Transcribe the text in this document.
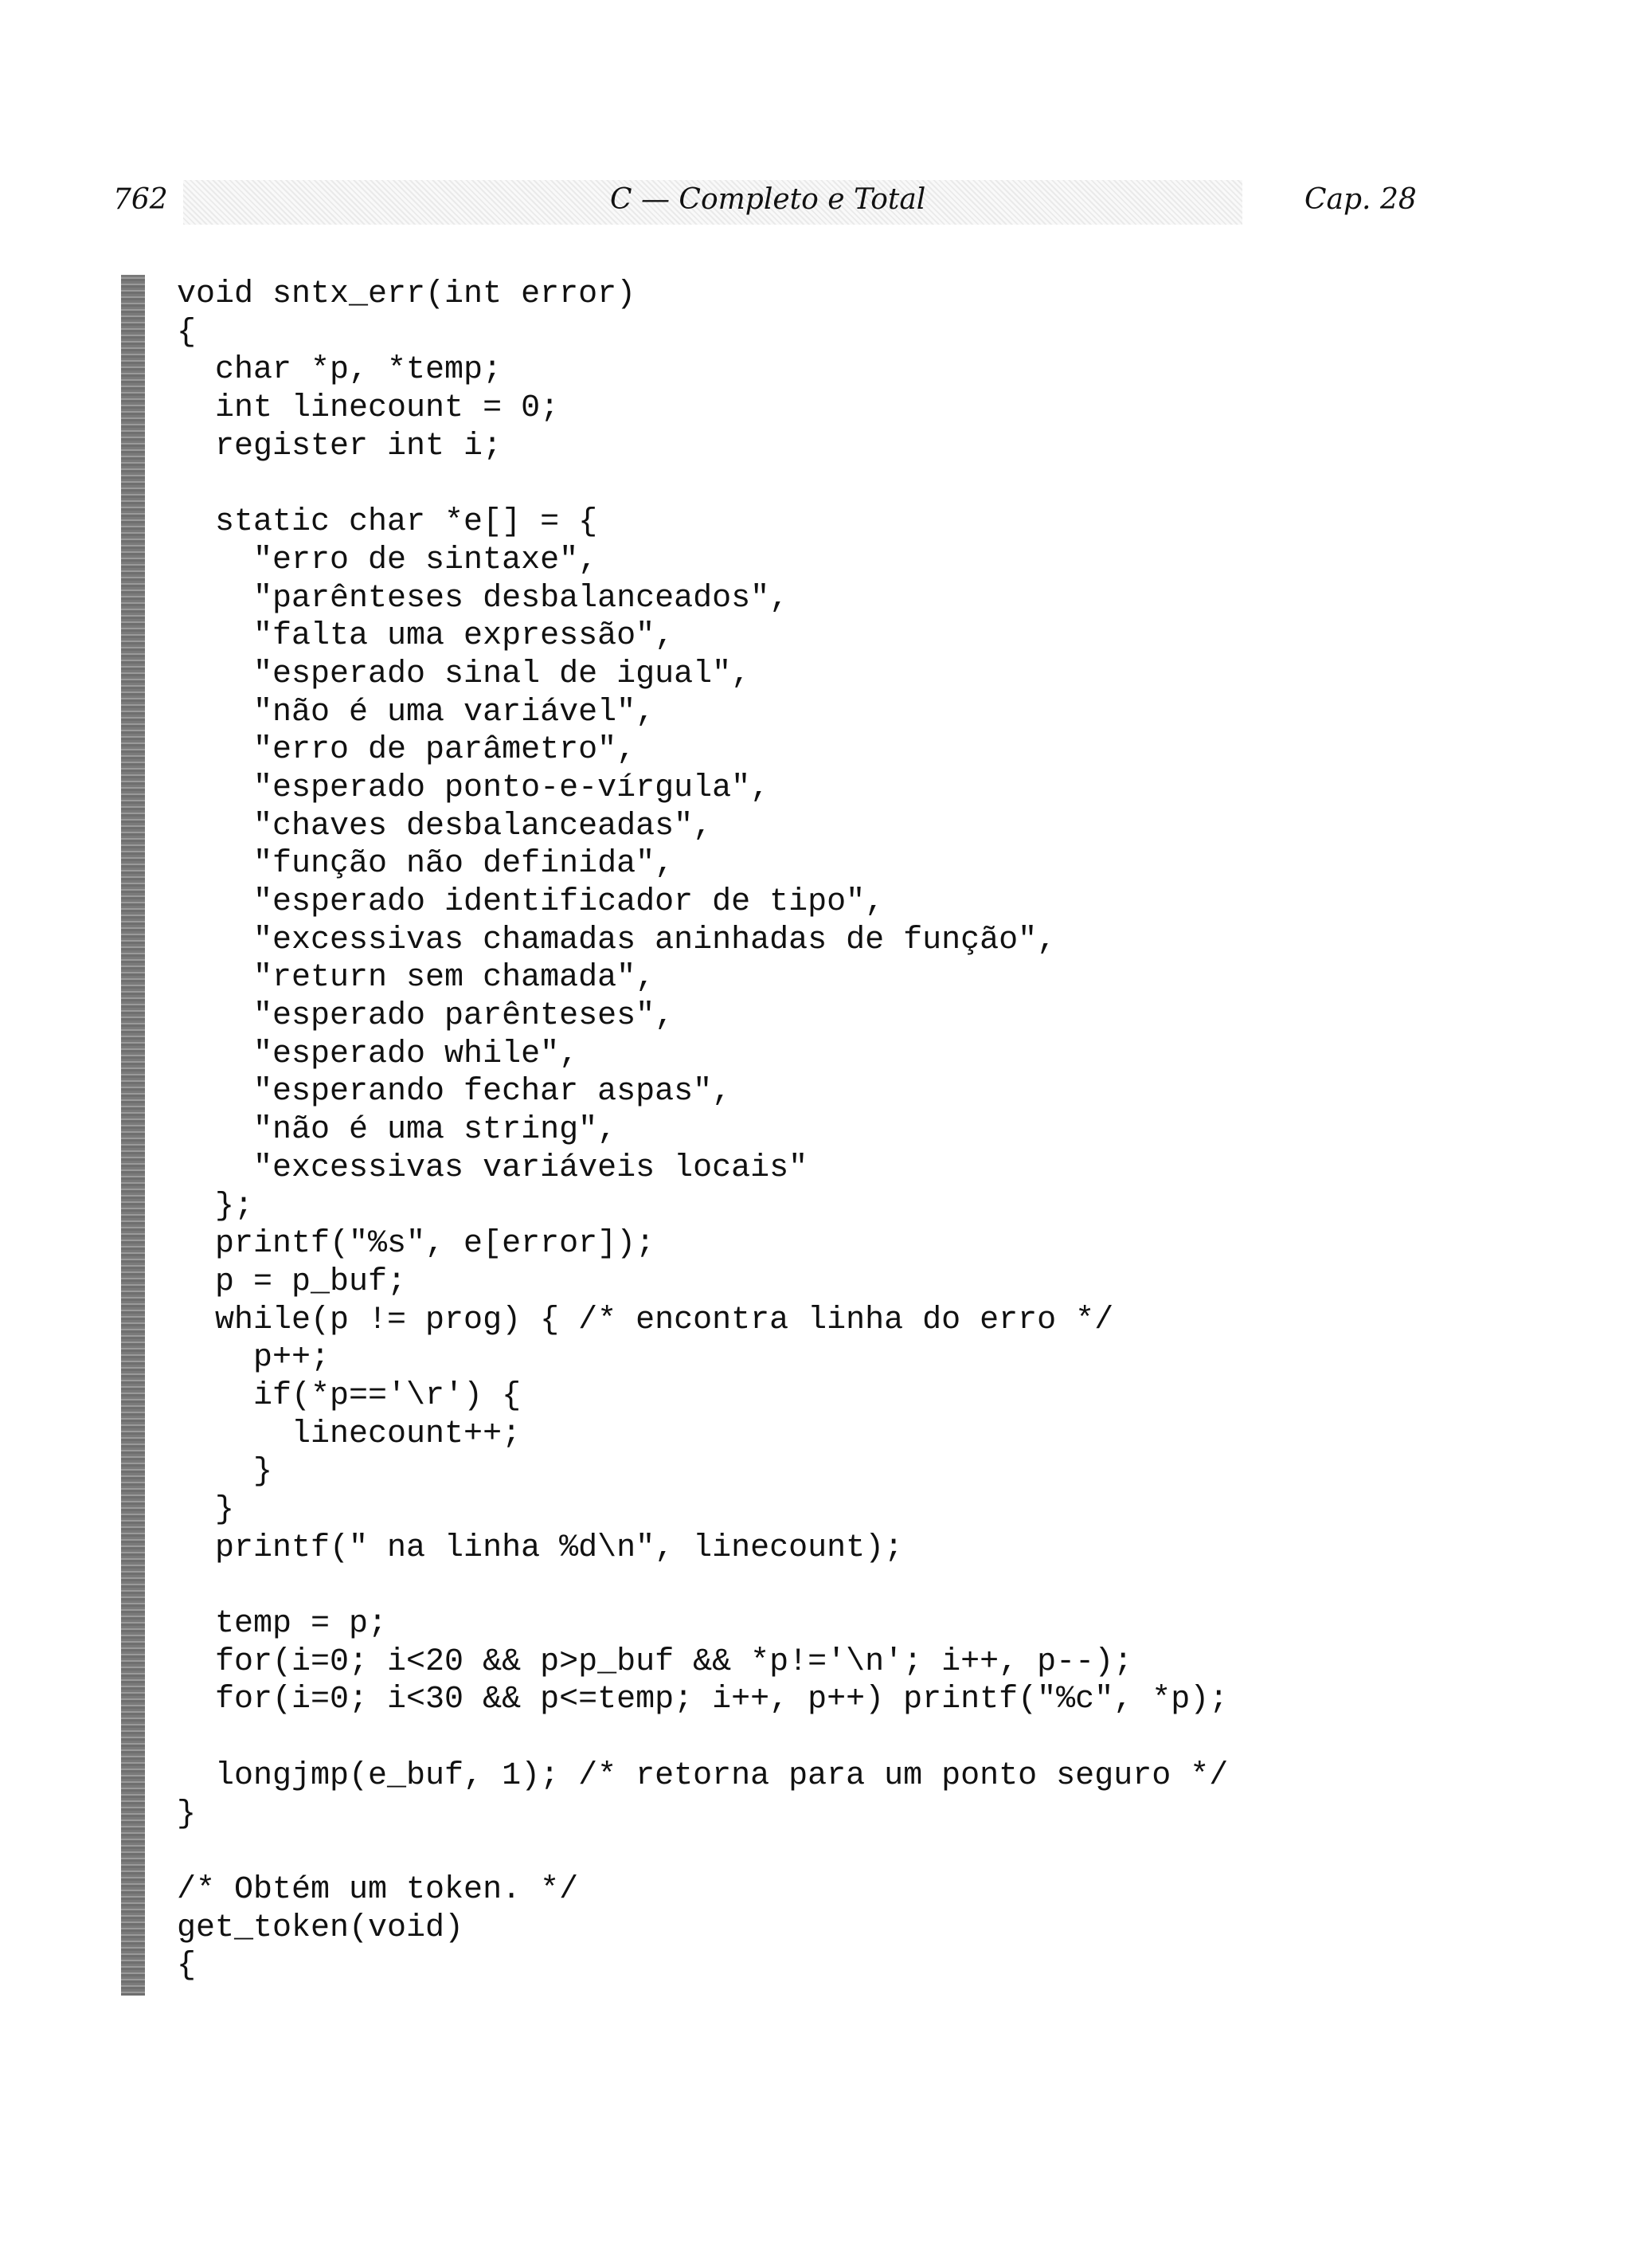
762	C — Completo e Total	Cap. 28
void sntx_err(int error)
{
char *p, *temp;
int linecount = 0;
register int i;
static char *e[] = {
"erro de sintaxe",
"parênteses desbalanceados",
"falta uma expressão",
"esperado sinal de igual",
"não é uma variável",
"erro de parâmetro",
"esperado ponto-e-vírgula",
"chaves desbalanceadas",
"função não definida",
"esperado identificador de tipo",
"excessivas chamadas aninhadas de função",
"return sem chamada",
"esperado parênteses",
"esperado while",
"esperando fechar aspas",
"não é uma string",
"excessivas variáveis locais"
};
printf("%s", e[error]);
p = p_buf;
while(p != prog) { /* encontra linha do erro */
p++;
if(*p=='\r') {
linecount++;
}
}
printf(" na linha %d\n", linecount);
temp = p;
for(i=0; i<20 && p>p_buf && *p!='\n'; i++, p--);
for(i=0; i<30 && p<=temp; i++, p++) printf("%c", *p);
longjmp(e_buf, 1); /* retorna para um ponto seguro */
}
/* Obtém um token. */
get_token(void)
{
